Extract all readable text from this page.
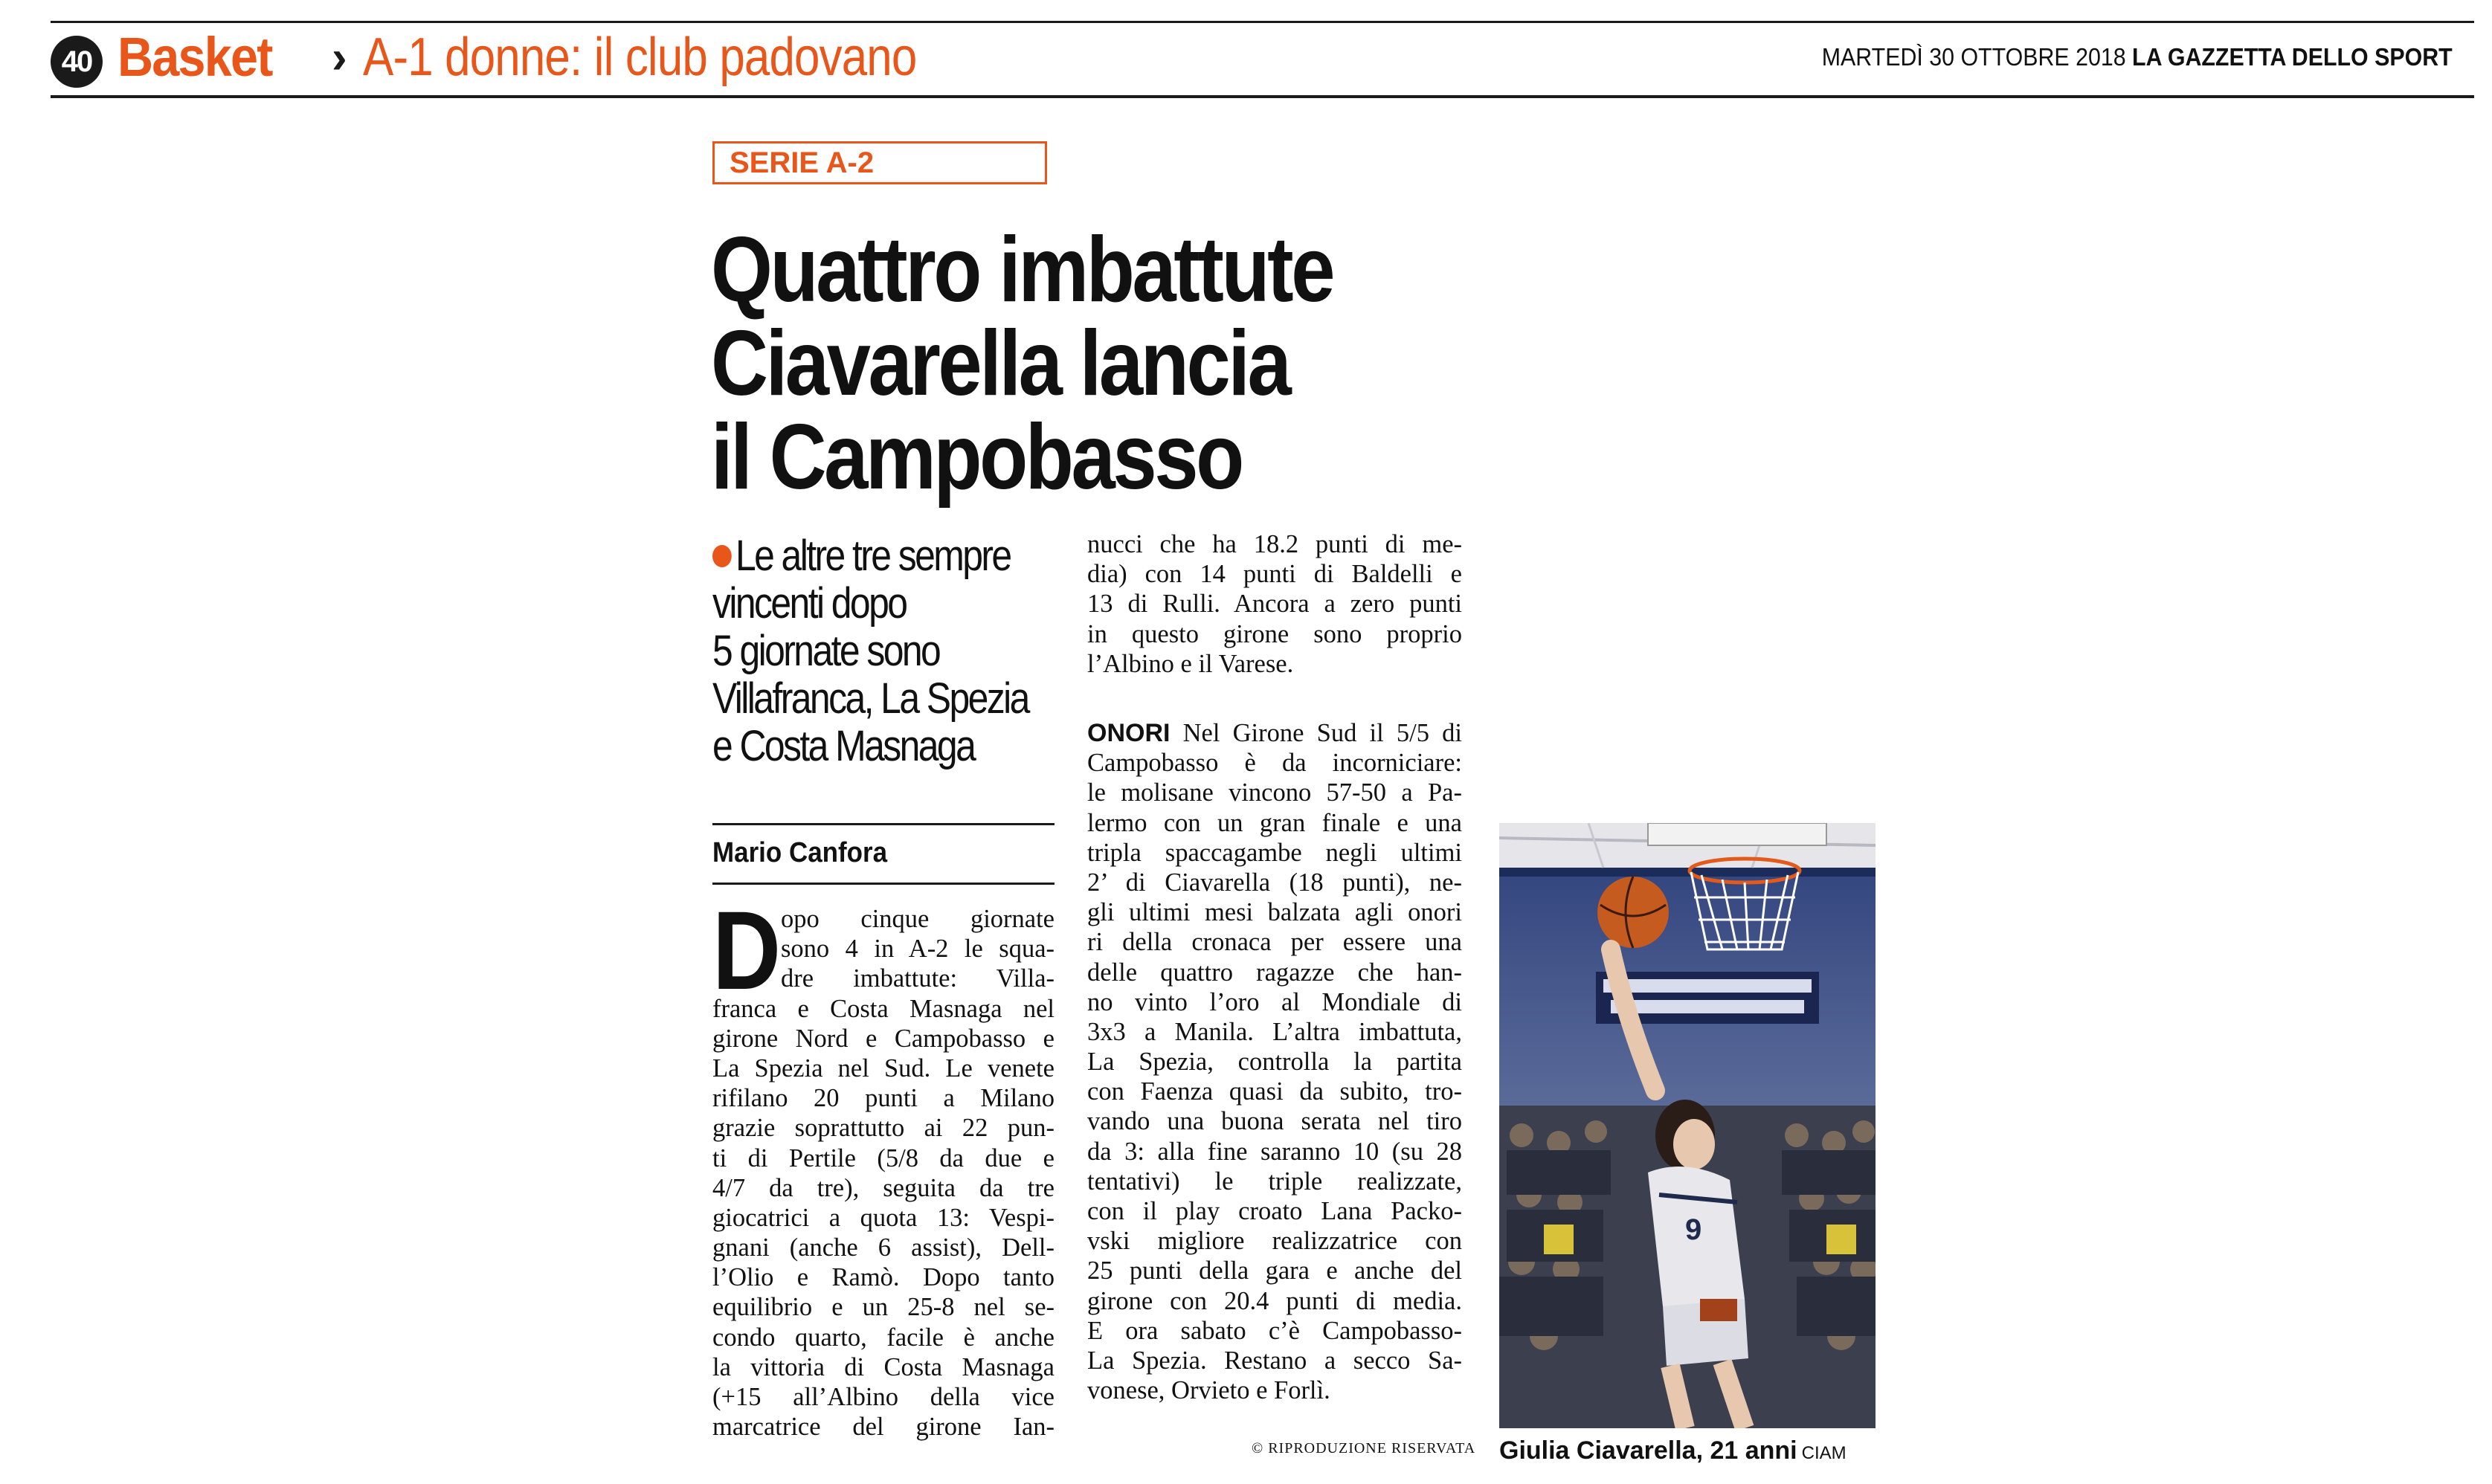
40 Basket › A-1 donne: il club padovano	MARTEDÌ 30 OTTOBRE 2018 LA GAZZETTA DELLO SPORT
SERIE A-2
Quattro imbattute
Ciavarella lancia
il Campobasso
Le altre tre sempre
vincenti dopo
5 giornate sono
Villafranca, La Spezia
e Costa Masnaga
Mario Canfora
D opo cinque giornate
sono 4 in A-2 le squa-
dre imbattute: Villa-
franca e Costa Masnaga nel
girone Nord e Campobasso e
La Spezia nel Sud. Le venete
rifilano 20 punti a Milano
grazie soprattutto ai 22 pun-
ti di Pertile (5/8 da due e
4/7 da tre), seguita da tre
giocatrici a quota 13: Vespi-
gnani (anche 6 assist), Dell-
l’Olio e Ramò. Dopo tanto
equilibrio e un 25-8 nel se-
condo quarto, facile è anche
la vittoria di Costa Masnaga
(+15 all’Albino della vice
marcatrice del girone Ian-
nucci che ha 18.2 punti di me-
dia) con 14 punti di Baldelli e
13 di Rulli. Ancora a zero punti
in questo girone sono proprio
l’Albino e il Varese.
ONORI Nel Girone Sud il 5/5 di
Campobasso è da incorniciare:
le molisane vincono 57-50 a Pa-
lermo con un gran finale e una
tripla spaccagambe negli ultimi
2’ di Ciavarella (18 punti), ne-
gli ultimi mesi balzata agli onori
ri della cronaca per essere una
delle quattro ragazze che han-
no vinto l’oro al Mondiale di
3x3 a Manila. L’altra imbattuta,
La Spezia, controlla la partita
con Faenza quasi da subito, tro-
vando una buona serata nel tiro
da 3: alla fine saranno 10 (su 28
tentativi) le triple realizzate,
con il play croato Lana Packo-
vski migliore realizzatrice con
25 punti della gara e anche del
girone con 20.4 punti di media.
E ora sabato c’è Campobasso-
La Spezia. Restano a secco Sa-
vonese, Orvieto e Forlì.
© RIPRODUZIONE RISERVATA
9
Giulia Ciavarella, 21 anni CIAM
